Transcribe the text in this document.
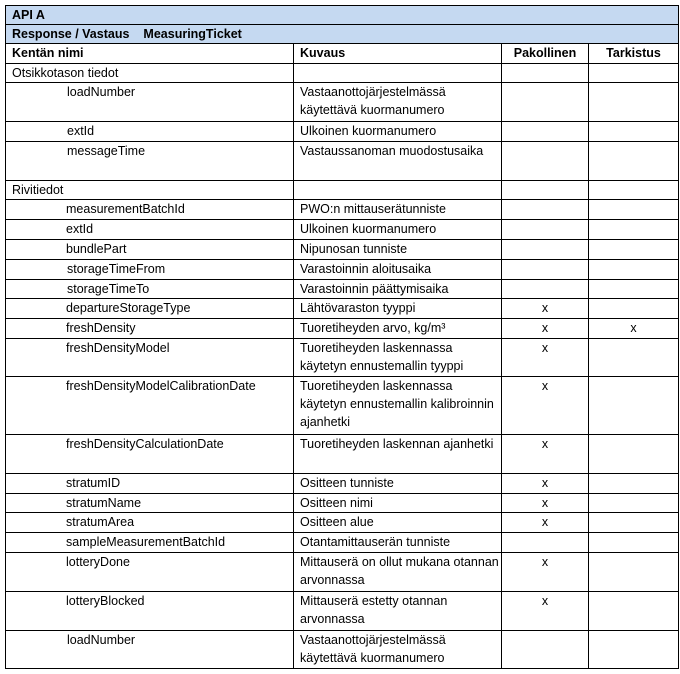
API A			
Response / Vastaus MeasuringTicket			
Kentän nimi	Kuvaus	Pakollinen	Tarkistus
Otsikkotason tiedot			
loadNumber	Vastaanottojärjestelmässä käytettävä kuormanumero		
extId	Ulkoinen kuormanumero		
messageTime	Vastaussanoman muodostusaika		
Rivitiedot			
measurementBatchId	PWO:n mittauserätunniste		
extId	Ulkoinen kuormanumero		
bundlePart	Nipunosan tunniste		
storageTimeFrom	Varastoinnin aloitusaika		
storageTimeTo	Varastoinnin päättymisaika		
departureStorageType	Lähtövaraston tyyppi	x	
freshDensity	Tuoretiheyden arvo, kg/m³	x	x
freshDensityModel	Tuoretiheyden laskennassa käytetyn ennustemallin tyyppi	x	
freshDensityModelCalibrationDate	Tuoretiheyden laskennassa käytetyn ennustemallin kalibroinnin ajanhetki	x	
freshDensityCalculationDate	Tuoretiheyden laskennan ajanhetki	x	
stratumID	Ositteen tunniste	x	
stratumName	Ositteen nimi	x	
stratumArea	Ositteen alue	x	
sampleMeasurementBatchId	Otantamittauserän tunniste		
lotteryDone	Mittauserä on ollut mukana otannan arvonnassa	x	
lotteryBlocked	Mittauserä estetty otannan arvonnassa	x	
loadNumber	Vastaanottojärjestelmässä käytettävä kuormanumero		
